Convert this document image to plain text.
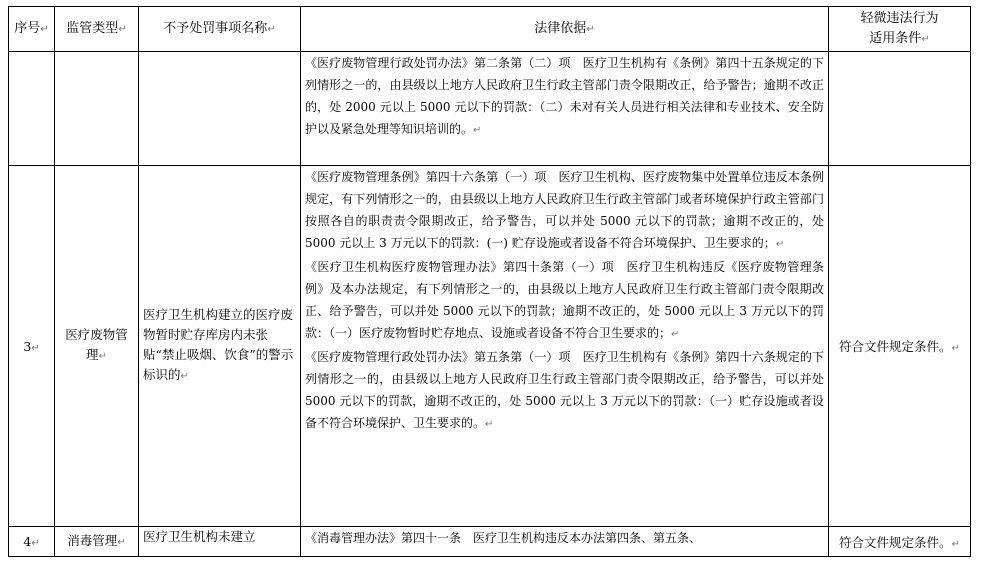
序号↵	监管类型↵	不予处罚事项名称↵	法律依据↵	轻微违法行为适用条件↵

			《医疗废物管理行政处罚办法》第二条第（二）项　医疗卫生机构有《条例》第四十五条规定的下列情形之一的，由县级以上地方人民政府卫生行政主管部门责令限期改正，给予警告；逾期不改正的，处 2000 元以上 5000 元以下的罚款：（二）未对有关人员进行相关法律和专业技术、安全防护以及紧急处理等知识培训的。↵	

3↵	医疗废物管理↵	医疗卫生机构建立的医疗废物暂时贮存库房内未张贴“禁止吸烟、饮食”的警示标识的↵	《医疗废物管理条例》第四十六条第（一）项　医疗卫生机构、医疗废物集中处置单位违反本条例规定，有下列情形之一的，由县级以上地方人民政府卫生行政主管部门或者环境保护行政主管部门按照各自的职责责令限期改正，给予警告，可以并处 5000 元以下的罚款；逾期不改正的，处 5000 元以上 3 万元以下的罚款：(一) 贮存设施或者设备不符合环境保护、卫生要求的；↵

《医疗卫生机构医疗废物管理办法》第四十条第（一）项　医疗卫生机构违反《医疗废物管理条例》及本办法规定，有下列情形之一的，由县级以上地方人民政府卫生行政主管部门责令限期改正、给予警告，可以并处 5000 元以下的罚款；逾期不改正的，处 5000 元以上 3 万元以下的罚款：（一）医疗废物暂时贮存地点、设施或者设备不符合卫生要求的；↵

《医疗废物管理行政处罚办法》第五条第（一）项　医疗卫生机构有《条例》第四十六条规定的下列情形之一的，由县级以上地方人民政府卫生行政主管部门责令限期改正，给予警告，可以并处 5000 元以下的罚款，逾期不改正的，处 5000 元以上 3 万元以下的罚款：（一）贮存设施或者设备不符合环境保护、卫生要求的。↵	符合文件规定条件。↵
4↵	消毒管理↵	医疗卫生机构未建立	《消毒管理办法》第四十一条　医疗卫生机构违反本办法第四条、第五条、	符合文件规定条件。↵
